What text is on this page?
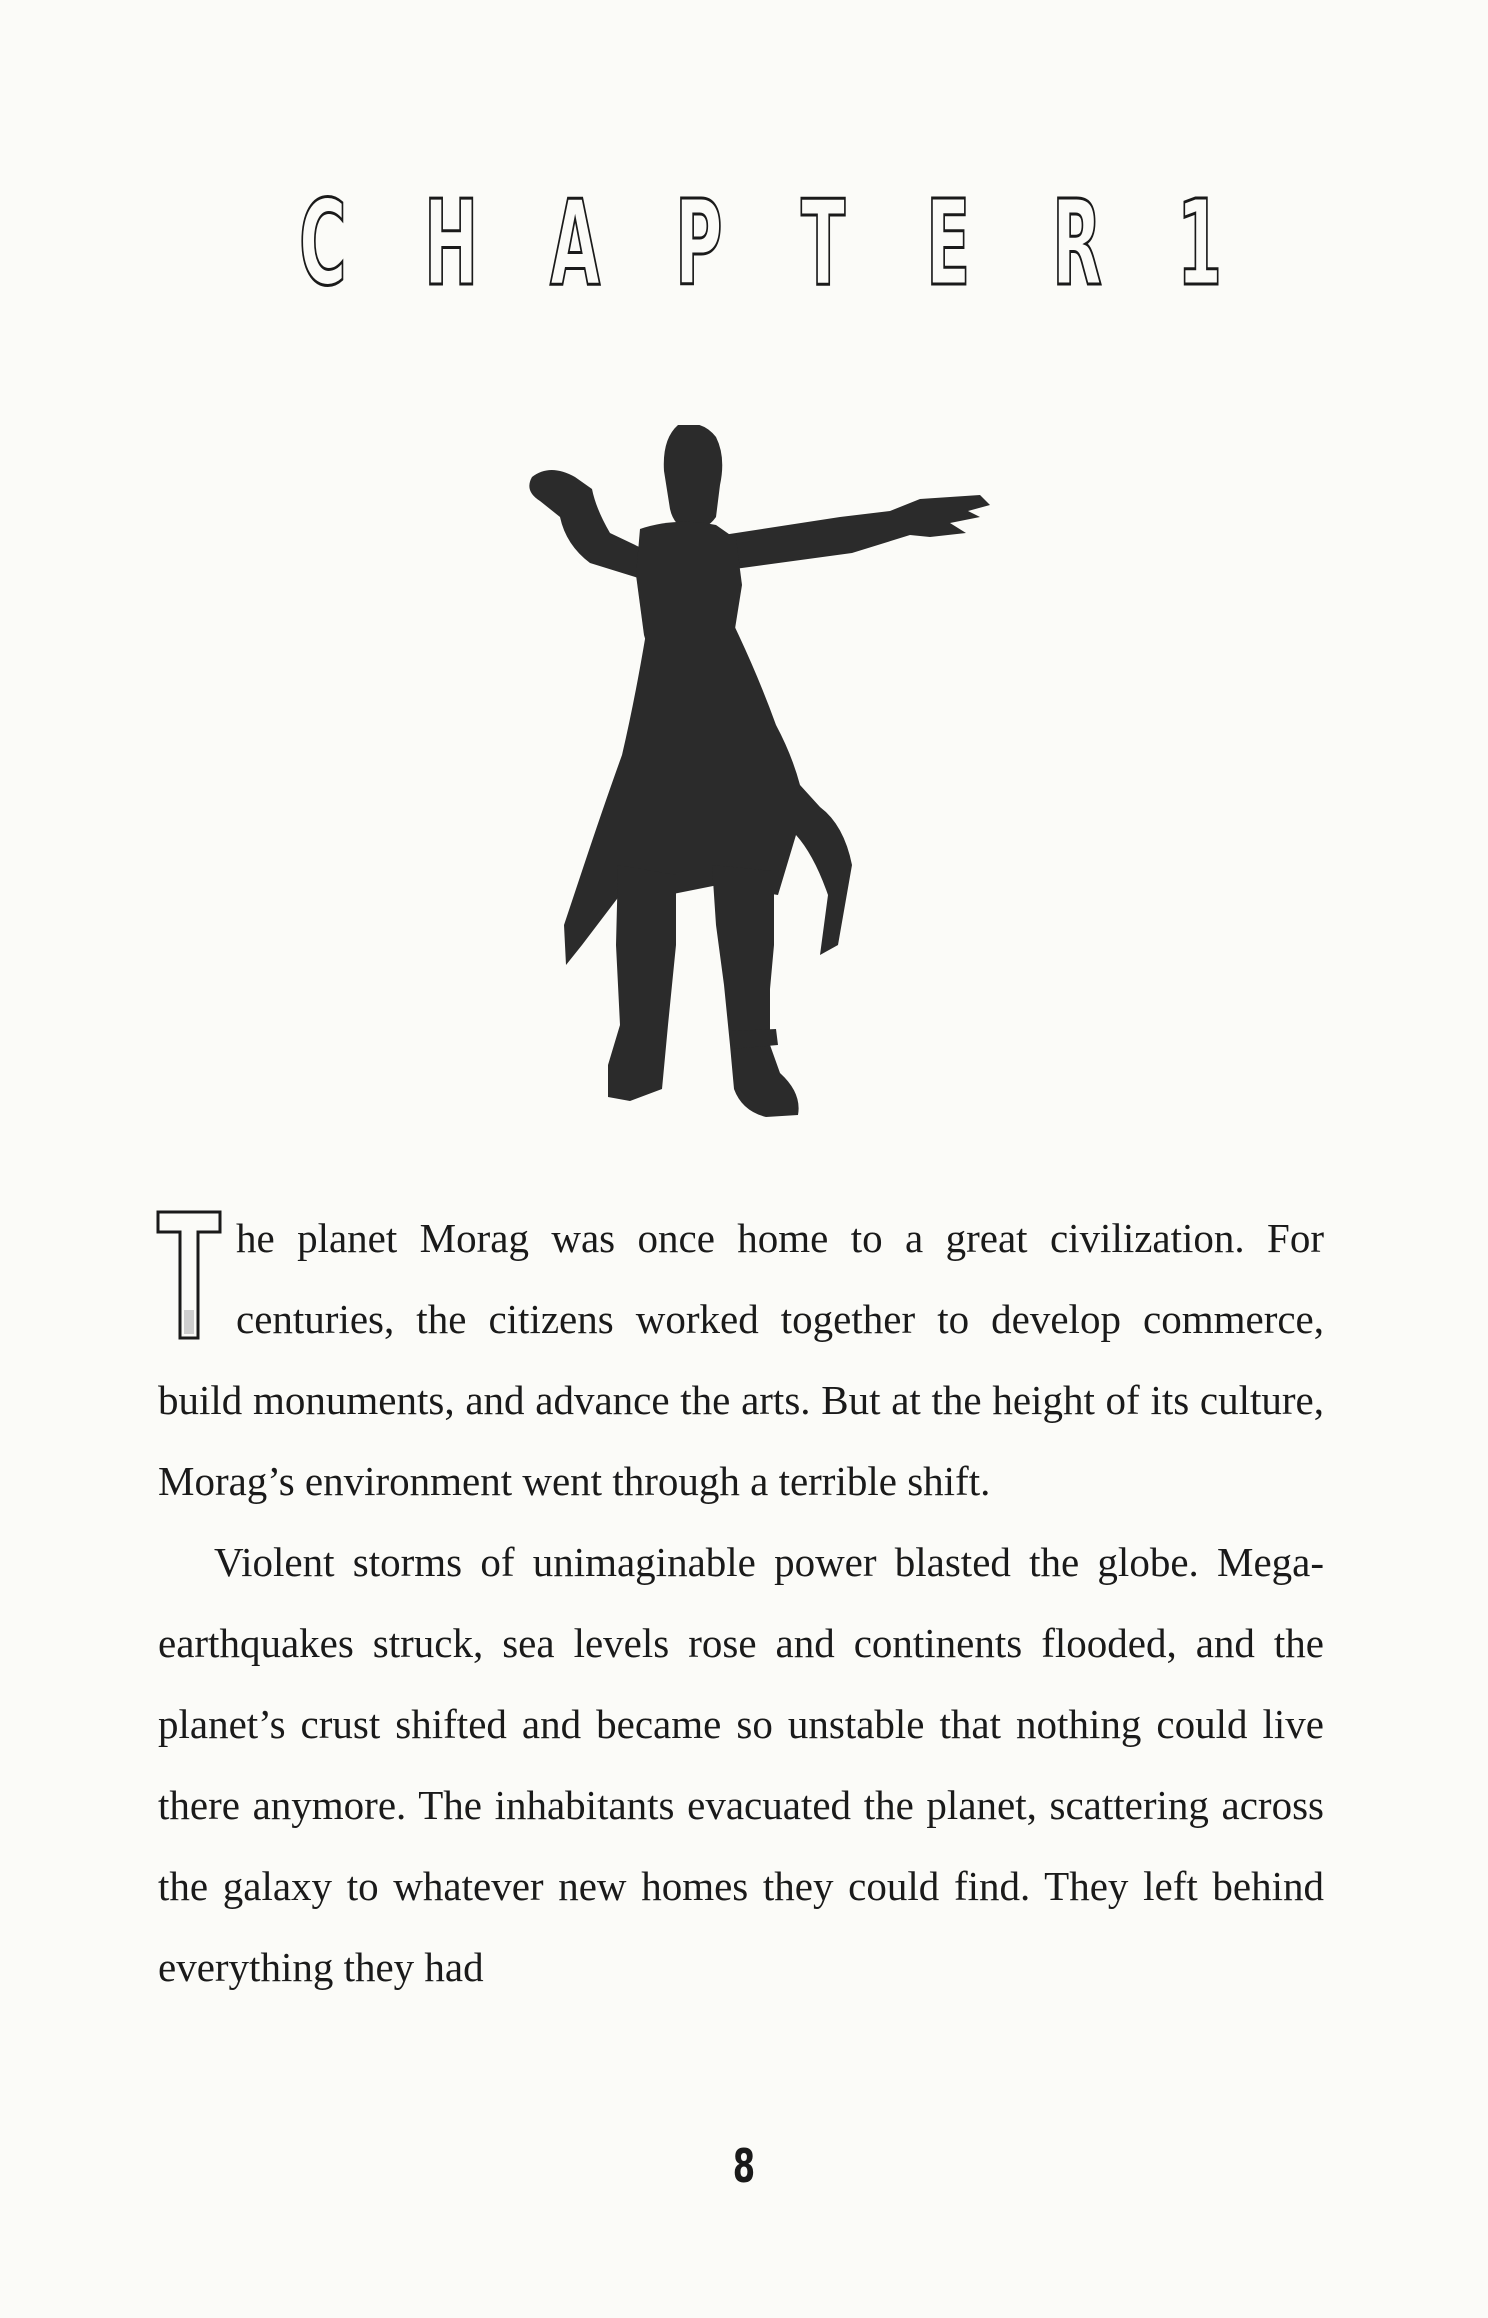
C H A P T E R 1

he planet Morag was once home to a great civilization. For centuries, the citizens worked together to develop commerce, build monuments, and advance the arts. But at the height of its culture, Morag’s environment went through a terrible shift.

Violent storms of unimaginable power blasted the globe. Mega-earthquakes struck, sea levels rose and continents flooded, and the planet’s crust shifted and became so unstable that nothing could live there anymore. The inhabitants evacuated the planet, scattering across the galaxy to whatever new homes they could find. They left behind everything they had

8
